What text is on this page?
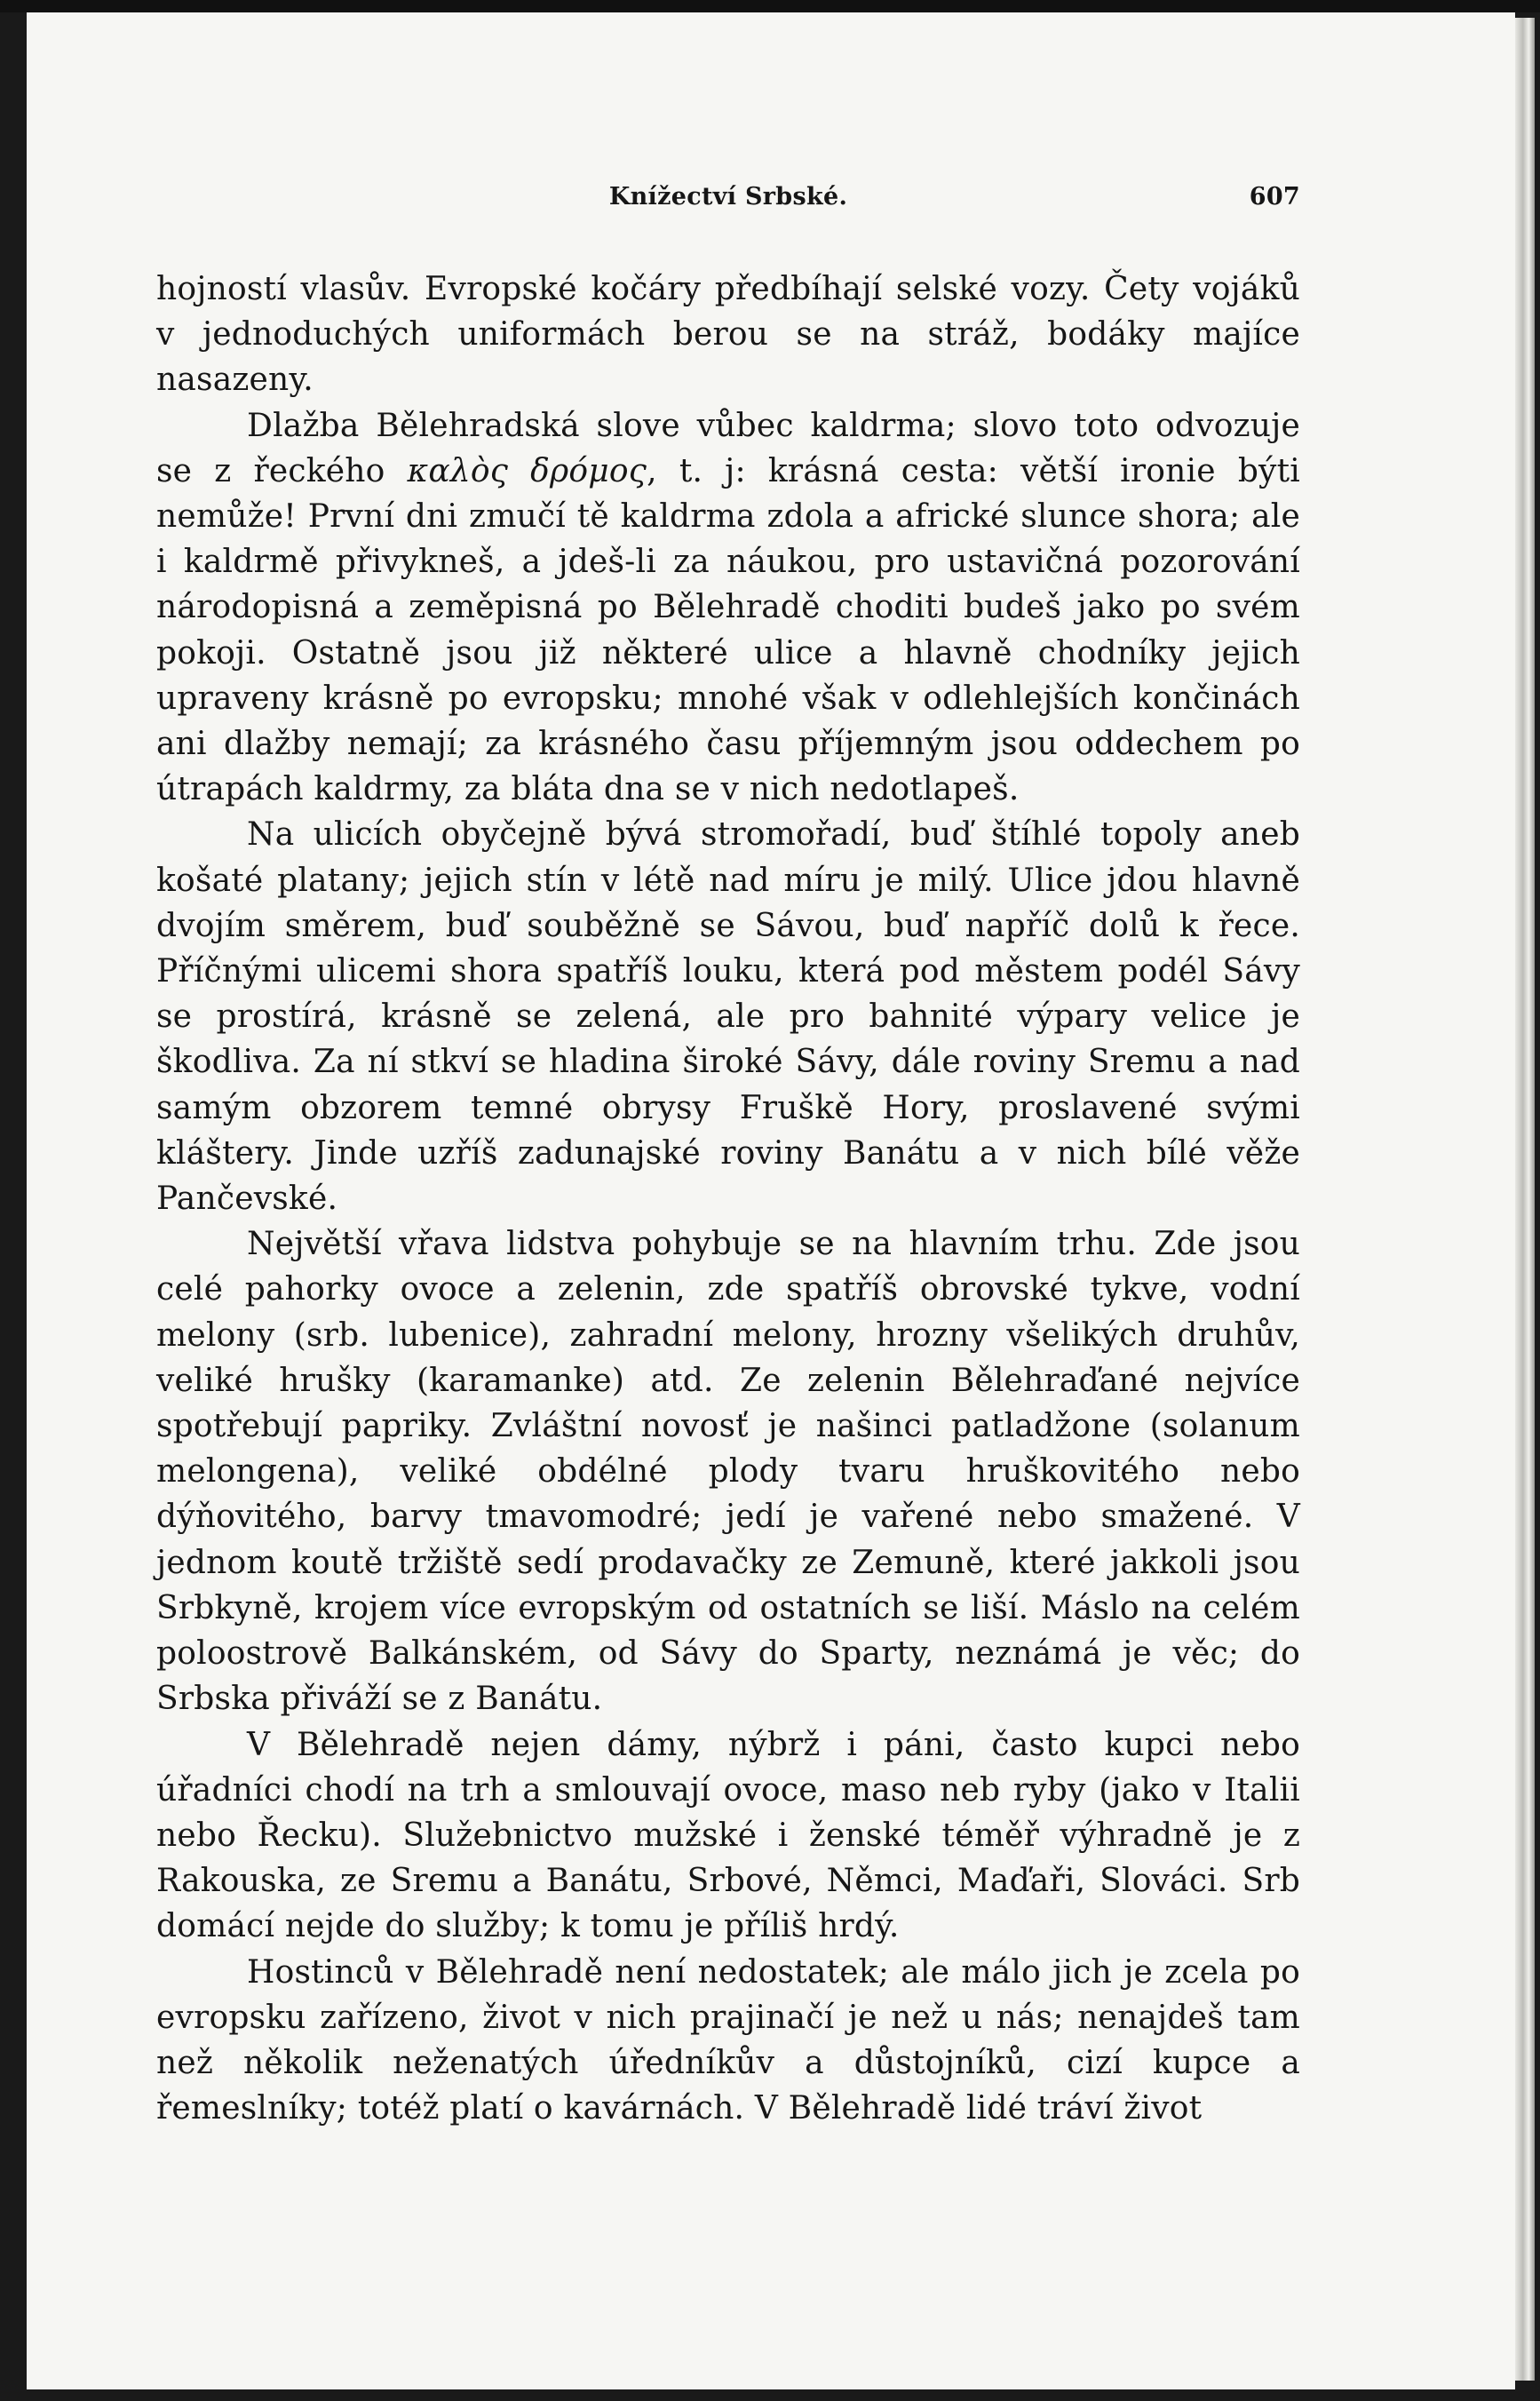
Knížectví Srbské.	607

hojností vlasův. Evropské kočáry předbíhají selské vozy. Čety vojáků v jednoduchých uniformách berou se na stráž, bodáky majíce nasazeny.

Dlažba Bělehradská slove vůbec kaldrma; slovo toto odvozuje se z řeckého καλὸς δρόμος, t. j: krásná cesta: větší ironie býti nemůže! První dni zmučí tě kaldrma zdola a africké slunce shora; ale i kaldrmě přivykneš, a jdeš-li za náukou, pro ustavičná pozorování národopisná a zeměpisná po Bělehradě choditi budeš jako po svém pokoji. Ostatně jsou již některé ulice a hlavně chodníky jejich upraveny krásně po evropsku; mnohé však v odlehlejších končinách ani dlažby nemají; za krásného času příjemným jsou oddechem po útrapách kaldrmy, za bláta dna se v nich nedotlapeš.

Na ulicích obyčejně bývá stromořadí, buď štíhlé topoly aneb košaté platany; jejich stín v létě nad míru je milý. Ulice jdou hlavně dvojím směrem, buď souběžně se Sávou, buď napříč dolů k řece. Příčnými ulicemi shora spatříš louku, která pod městem podél Sávy se prostírá, krásně se zelená, ale pro bahnité výpary velice je škodliva. Za ní stkví se hladina široké Sávy, dále roviny Sremu a nad samým obzorem temné obrysy Fruškě Hory, proslavené svými kláštery. Jinde uzříš zadunajské roviny Banátu a v nich bílé věže Pančevské.

Největší vřava lidstva pohybuje se na hlavním trhu. Zde jsou celé pahorky ovoce a zelenin, zde spatříš obrovské tykve, vodní melony (srb. lubenice), zahradní melony, hrozny všelikých druhův, veliké hrušky (karamanke) atd. Ze zelenin Bělehraďané nejvíce spotřebují papriky. Zvláštní novosť je našinci patladžone (solanum melongena), veliké obdélné plody tvaru hruškovitého nebo dýňovitého, barvy tmavomodré; jedí je vařené nebo smažené. V jednom koutě tržiště sedí prodavačky ze Zemuně, které jakkoli jsou Srbkyně, krojem více evropským od ostatních se liší. Máslo na celém poloostrově Balkánském, od Sávy do Sparty, neznámá je věc; do Srbska přiváží se z Banátu.

V Bělehradě nejen dámy, nýbrž i páni, často kupci nebo úřadníci chodí na trh a smlouvají ovoce, maso neb ryby (jako v Italii nebo Řecku). Služebnictvo mužské i ženské téměř výhradně je z Rakouska, ze Sremu a Banátu, Srbové, Němci, Maďaři, Slováci. Srb domácí nejde do služby; k tomu je příliš hrdý.

Hostinců v Bělehradě není nedostatek; ale málo jich je zcela po evropsku zařízeno, život v nich prajinačí je než u nás; nenajdeš tam než několik neženatých úředníkův a důstojníků, cizí kupce a řemeslníky; totéž platí o kavárnách. V Bělehradě lidé tráví život
